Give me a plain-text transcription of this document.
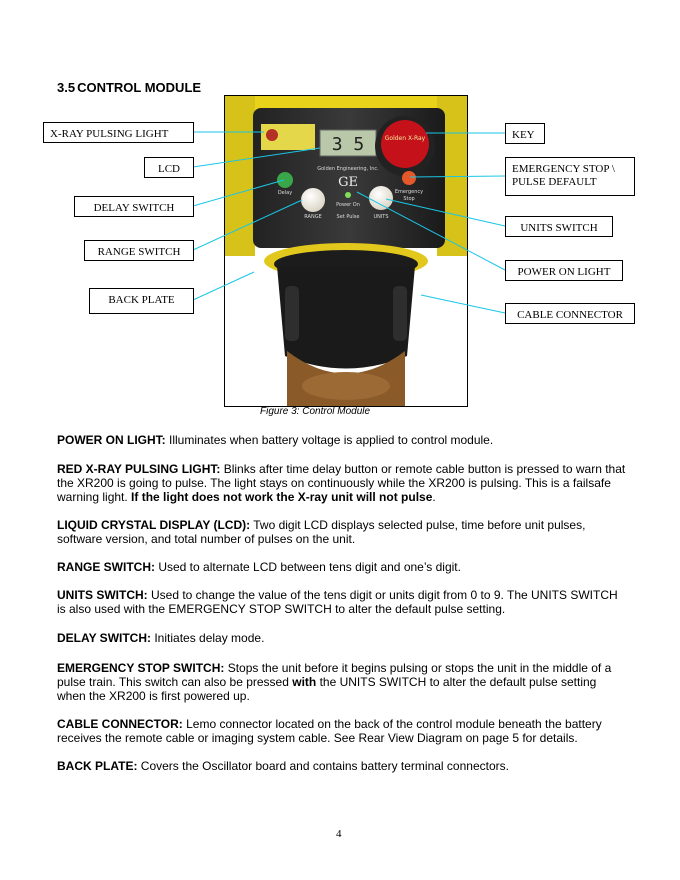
3.5 CONTROL MODULE
3 5
Golden Engineering, Inc.
GE
Golden X-Ray
Delay
RANGE
Power On
Set Pulse	UNITS
Emergency
Stop
X-RAY PULSING LIGHT
LCD
DELAY SWITCH
RANGE SWITCH
BACK PLATE
KEY
EMERGENCY STOP \
PULSE DEFAULT
UNITS SWITCH
POWER ON LIGHT
CABLE CONNECTOR
Figure 3: Control Module
POWER ON LIGHT: Illuminates when battery voltage is applied to control module.
RED X-RAY PULSING LIGHT: Blinks after time delay button or remote cable button is pressed to warn that the XR200 is going to pulse. The light stays on continuously while the XR200 is pulsing. This is a failsafe warning light. If the light does not work the X-ray unit will not pulse.
LIQUID CRYSTAL DISPLAY (LCD): Two digit LCD displays selected pulse, time before unit pulses, software version, and total number of pulses on the unit.
RANGE SWITCH: Used to alternate LCD between tens digit and one’s digit.
UNITS SWITCH: Used to change the value of the tens digit or units digit from 0 to 9. The UNITS SWITCH is also used with the EMERGENCY STOP SWITCH to alter the default pulse setting.
DELAY SWITCH: Initiates delay mode.
EMERGENCY STOP SWITCH: Stops the unit before it begins pulsing or stops the unit in the middle of a pulse train. This switch can also be pressed with the UNITS SWITCH to alter the default pulse setting when the XR200 is first powered up.
CABLE CONNECTOR: Lemo connector located on the back of the control module beneath the battery receives the remote cable or imaging system cable. See Rear View Diagram on page 5 for details.
BACK PLATE: Covers the Oscillator board and contains battery terminal connectors.
4
